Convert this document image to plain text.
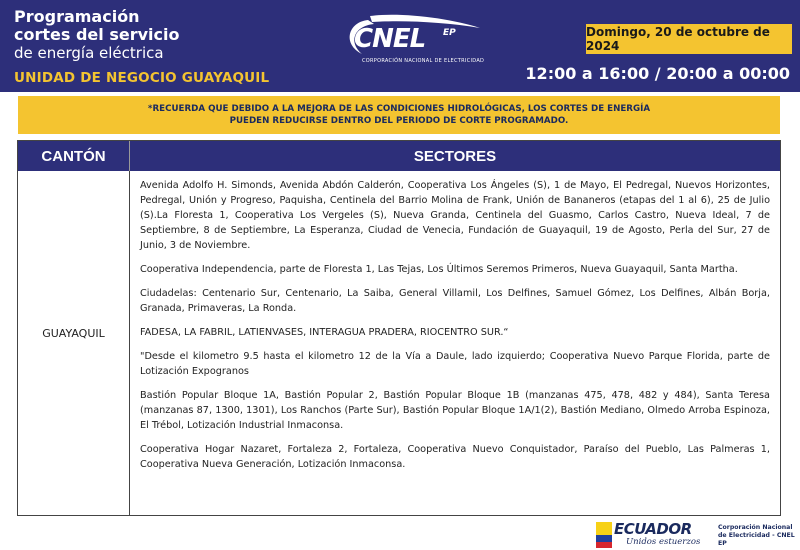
Programación
cortes del servicio
de energía eléctrica
UNIDAD DE NEGOCIO GUAYAQUIL
CNEL EP
CORPORACIÓN NACIONAL DE ELECTRICIDAD
Domingo, 20 de octubre de 2024
12:00 a 16:00 / 20:00 a 00:00
*RECUERDA QUE DEBIDO A LA MEJORA DE LAS CONDICIONES HIDROLÓGICAS, LOS CORTES DE ENERGÍA
PUEDEN REDUCIRSE DENTRO DEL PERIODO DE CORTE PROGRAMADO.
CANTÓN	SECTORES
GUAYAQUIL

Avenida Adolfo H. Simonds, Avenida Abdón Calderón, Cooperativa Los Ángeles (S), 1 de Mayo, El Pedregal, Nuevos Horizontes, Pedregal, Unión y Progreso, Paquisha, Centinela del Barrio Molina de Frank, Unión de Bananeros (etapas del 1 al 6), 25 de Julio (S).La Floresta 1, Cooperativa Los Vergeles (S), Nueva Granda, Centinela del Guasmo, Carlos Castro, Nueva Ideal, 7 de Septiembre, 8 de Septiembre, La Esperanza, Ciudad de Venecia, Fundación de Guayaquil, 19 de Agosto, Perla del Sur, 27 de Junio, 3 de Noviembre.

Cooperativa Independencia, parte de Floresta 1, Las Tejas, Los Últimos Seremos Primeros, Nueva Guayaquil, Santa Martha.

Ciudadelas: Centenario Sur, Centenario, La Saiba, General Villamil, Los Delfines, Samuel Gómez, Los Delfines, Albán Borja, Granada, Primaveras, La Ronda.

FADESA, LA FABRIL, LATIENVASES, INTERAGUA PRADERA, RIOCENTRO SUR.“

"Desde el kilometro 9.5 hasta el kilometro 12 de la Vía a Daule, lado izquierdo; Cooperativa Nuevo Parque Florida, parte de Lotización Expogranos

Bastión Popular Bloque 1A, Bastión Popular 2, Bastión Popular Bloque 1B (manzanas 475, 478, 482 y 484), Santa Teresa (manzanas 87, 1300, 1301), Los Ranchos (Parte Sur), Bastión Popular Bloque 1A/1(2), Bastión Mediano, Olmedo Arroba Espinoza, El Trébol, Lotización Industrial Inmaconsa.

Cooperativa Hogar Nazaret, Fortaleza 2, Fortaleza, Cooperativa Nuevo Conquistador, Paraíso del Pueblo, Las Palmeras 1, Cooperativa Nueva Generación, Lotización Inmaconsa.

ECUADOR
Unidos estuerzos
Corporación Nacional
de Electricidad - CNEL EP
